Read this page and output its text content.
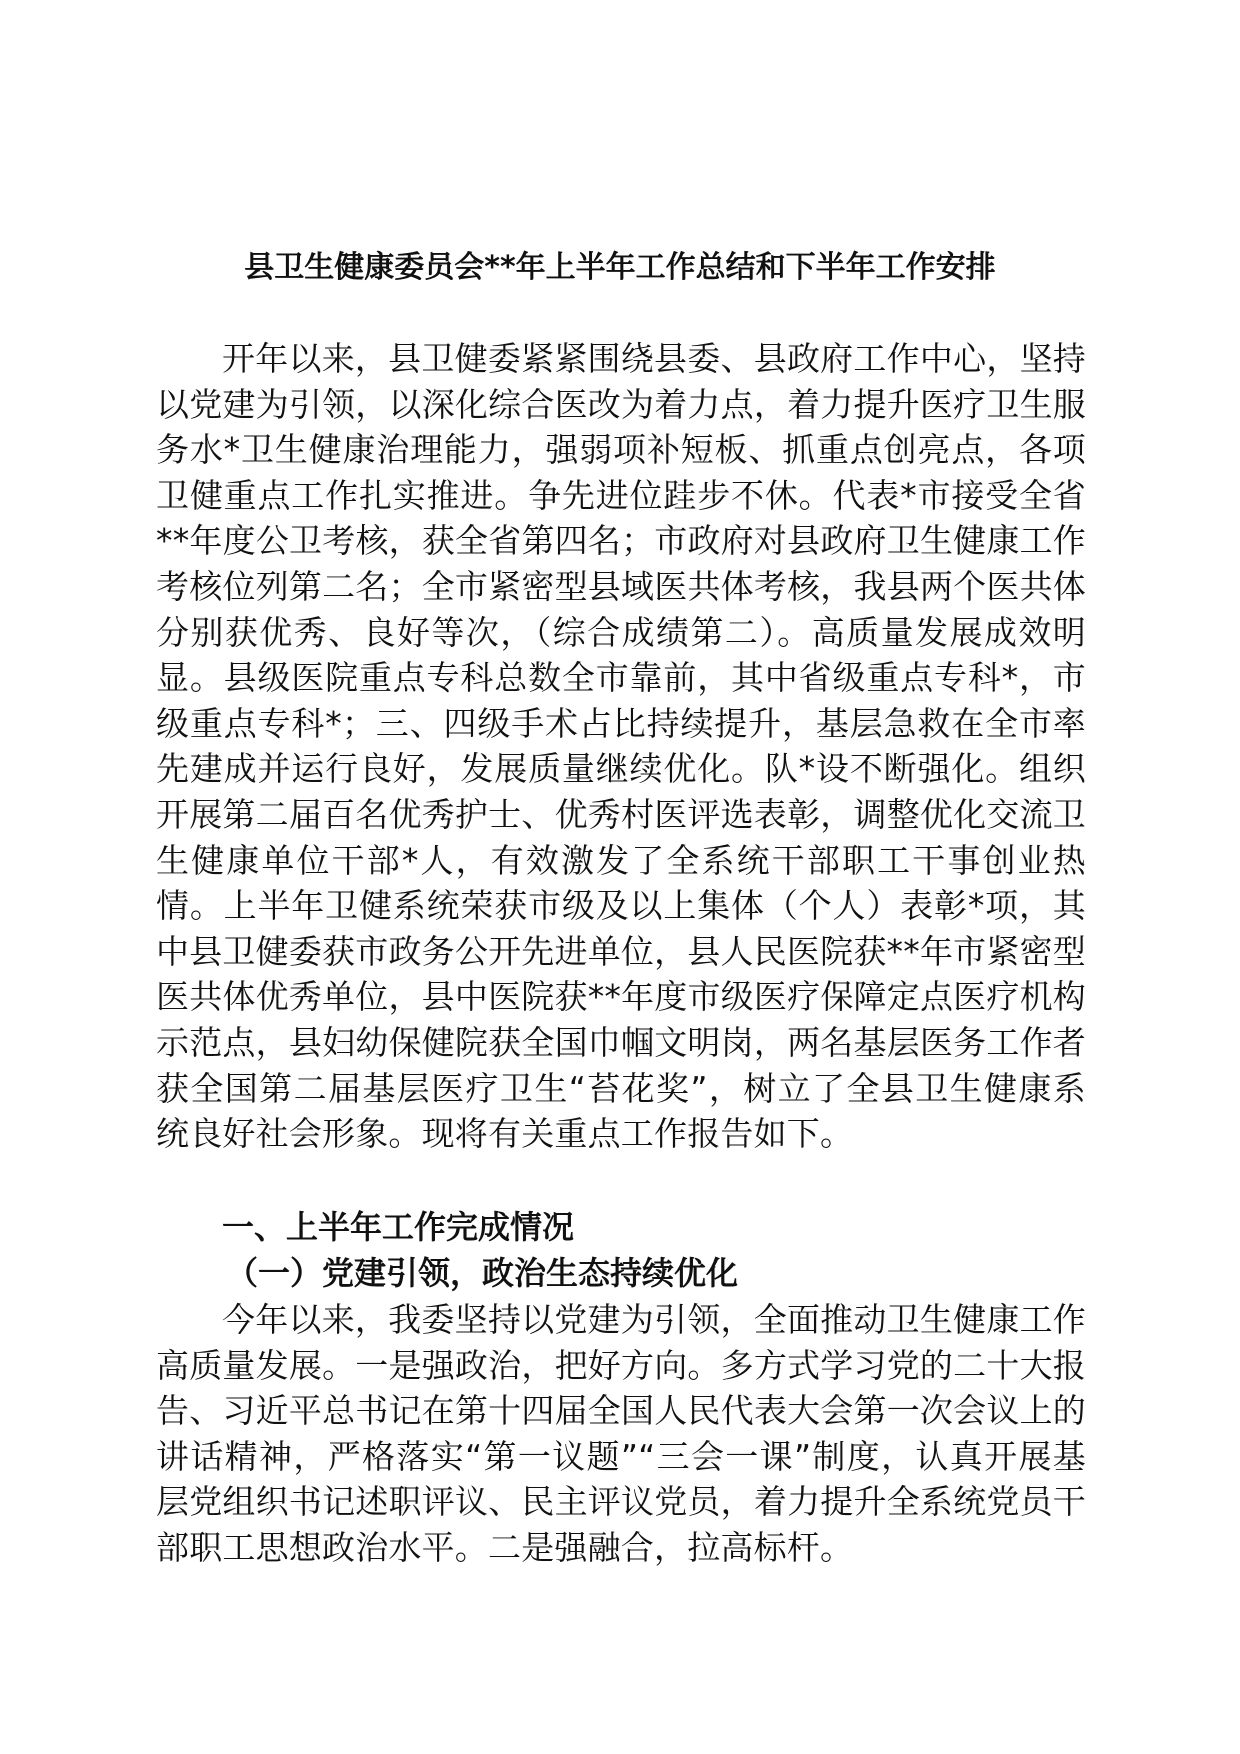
县卫生健康委员会**年上半年工作总结和下半年工作安排

开年以来，县卫健委紧紧围绕县委、县政府工作中心，坚持以党建为引领，以深化综合医改为着力点，着力提升医疗卫生服务水*卫生健康治理能力，强弱项补短板、抓重点创亮点，各项卫健重点工作扎实推进。争先进位跬步不休。代表*市接受全省**年度公卫考核，获全省第四名；市政府对县政府卫生健康工作考核位列第二名；全市紧密型县域医共体考核，我县两个医共体分别获优秀、良好等次，（综合成绩第二）。高质量发展成效明显。县级医院重点专科总数全市靠前，其中省级重点专科*，市级重点专科*；三、四级手术占比持续提升，基层急救在全市率先建成并运行良好，发展质量继续优化。队*设不断强化。组织开展第二届百名优秀护士、优秀村医评选表彰，调整优化交流卫生健康单位干部*人，有效激发了全系统干部职工干事创业热情。上半年卫健系统荣获市级及以上集体（个人）表彰*项，其中县卫健委获市政务公开先进单位，县人民医院获**年市紧密型医共体优秀单位，县中医院获**年度市级医疗保障定点医疗机构示范点，县妇幼保健院获全国巾帼文明岗，两名基层医务工作者获全国第二届基层医疗卫生“苔花奖”，树立了全县卫生健康系统良好社会形象。现将有关重点工作报告如下。

一、上半年工作完成情况
（一）党建引领，政治生态持续优化

今年以来，我委坚持以党建为引领，全面推动卫生健康工作高质量发展。一是强政治，把好方向。多方式学习党的二十大报告、习近平总书记在第十四届全国人民代表大会第一次会议上的讲话精神，严格落实“第一议题”“三会一课”制度，认真开展基层党组织书记述职评议、民主评议党员，着力提升全系统党员干部职工思想政治水平。二是强融合，拉高标杆。
